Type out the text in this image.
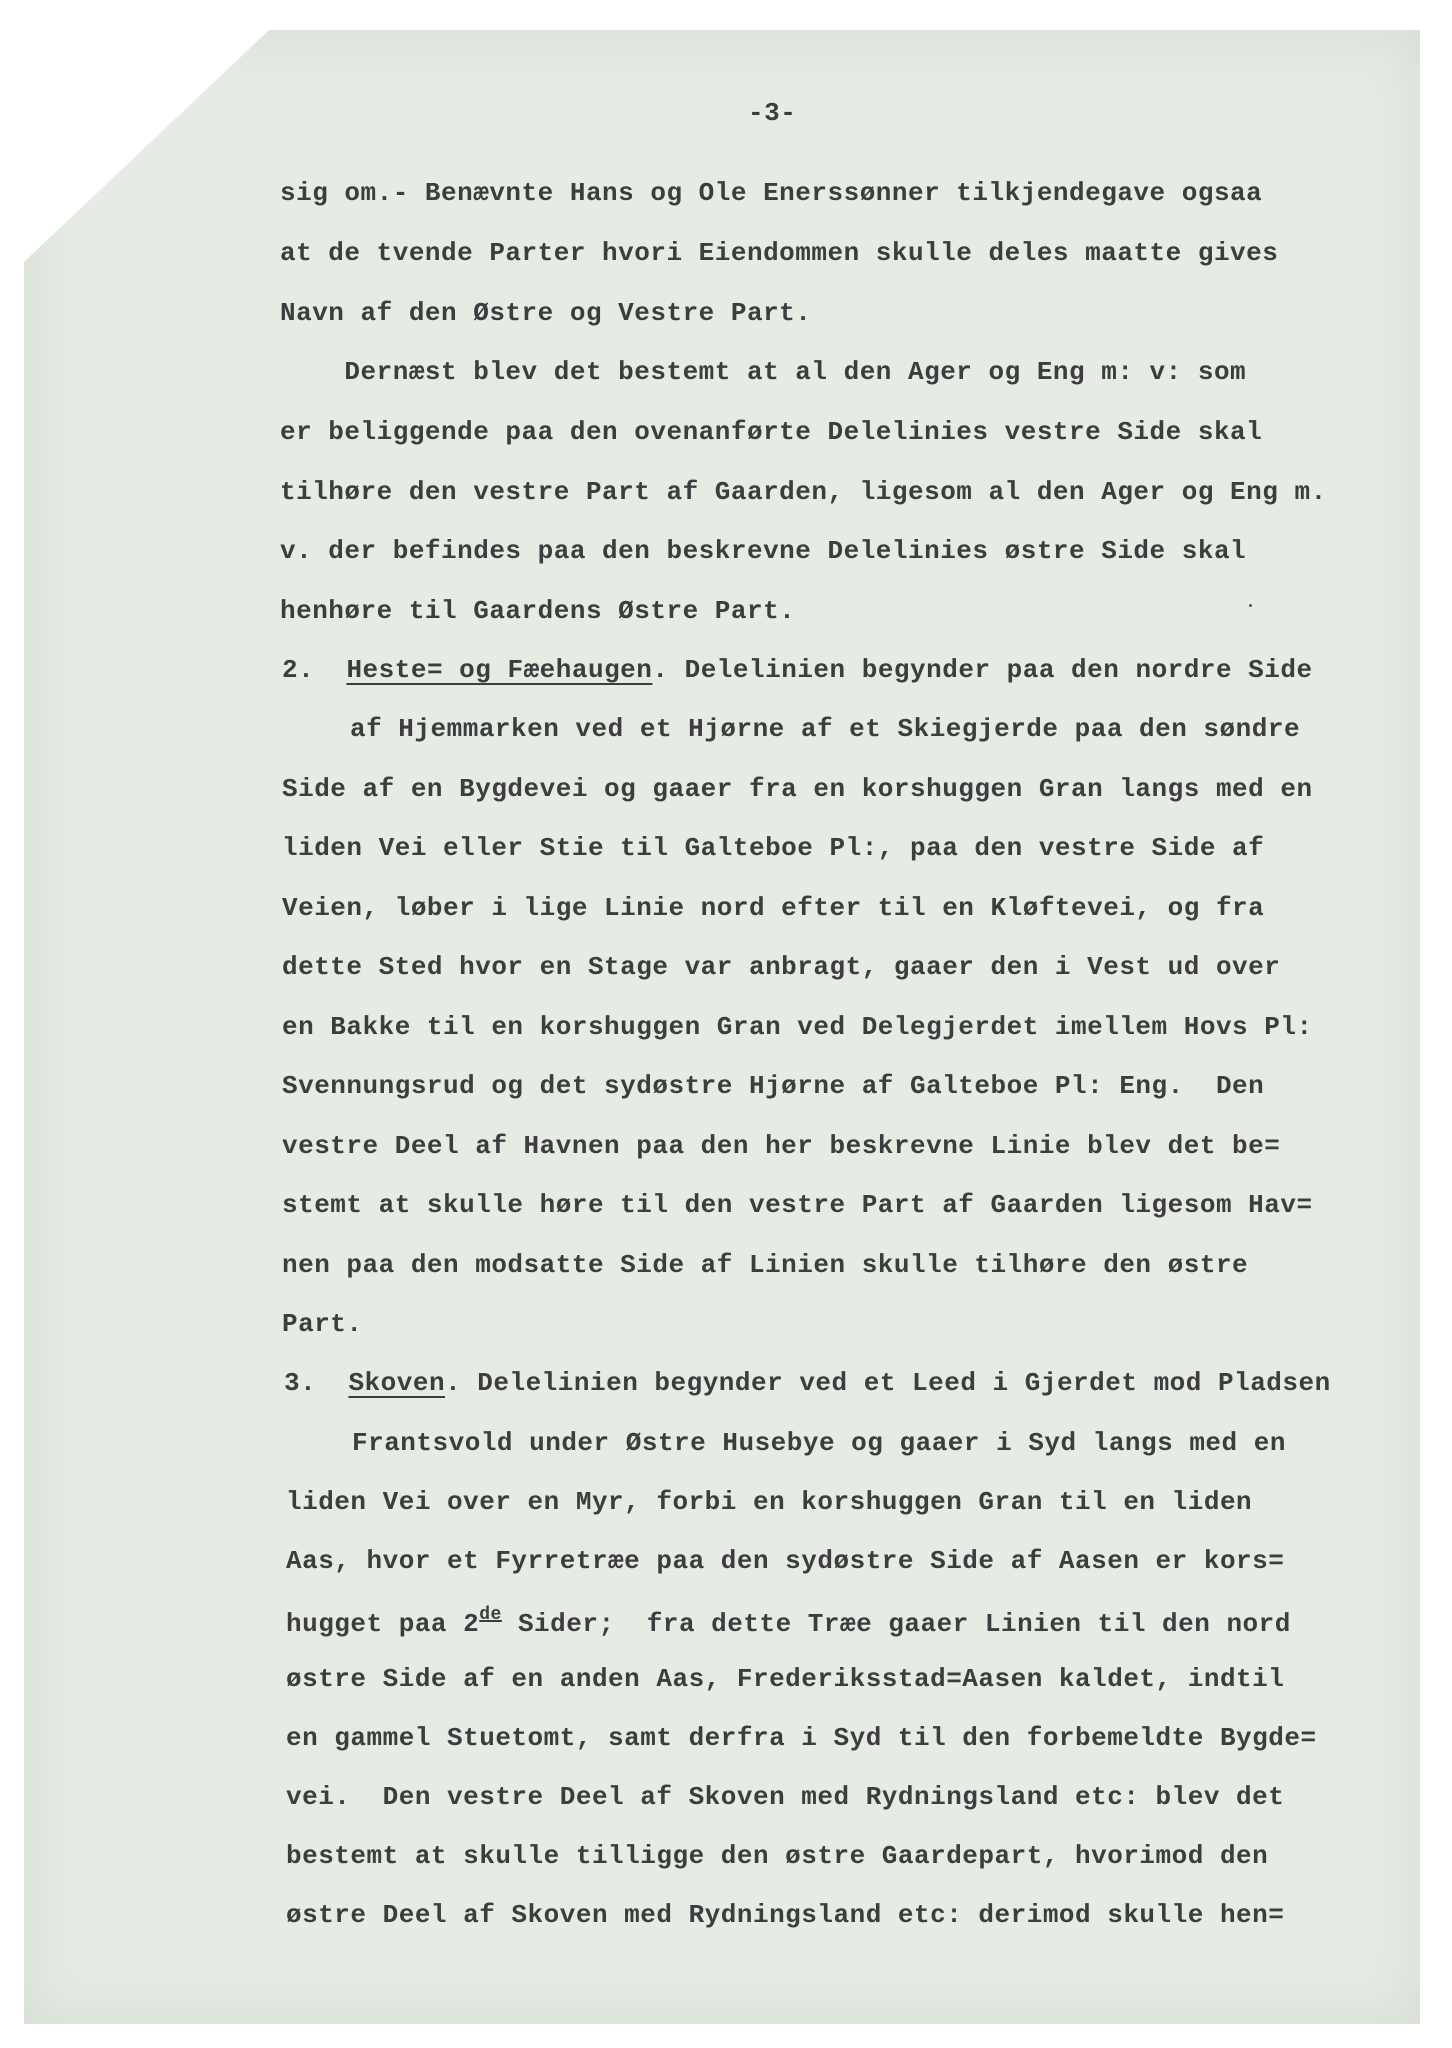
-3-

sig om.- Benævnte Hans og Ole Enerssønner tilkjendegave ogsaa

at de tvende Parter hvori Eiendommen skulle deles maatte gives

Navn af den Østre og Vestre Part.

Dernæst blev det bestemt at al den Ager og Eng m: v: som

er beliggende paa den ovenanførte Delelinies vestre Side skal

tilhøre den vestre Part af Gaarden, ligesom al den Ager og Eng m.

v. der befindes paa den beskrevne Delelinies østre Side skal

henhøre til Gaardens Østre Part.

2. Heste= og Fæehaugen. Delelinien begynder paa den nordre Side

af Hjemmarken ved et Hjørne af et Skiegjerde paa den søndre

Side af en Bygdevei og gaaer fra en korshuggen Gran langs med en

liden Vei eller Stie til Galteboe Pl:, paa den vestre Side af

Veien, løber i lige Linie nord efter til en Kløftevei, og fra

dette Sted hvor en Stage var anbragt, gaaer den i Vest ud over

en Bakke til en korshuggen Gran ved Delegjerdet imellem Hovs Pl:

Svennungsrud og det sydøstre Hjørne af Galteboe Pl: Eng.  Den

vestre Deel af Havnen paa den her beskrevne Linie blev det be=

stemt at skulle høre til den vestre Part af Gaarden ligesom Hav=

nen paa den modsatte Side af Linien skulle tilhøre den østre

Part.

3. Skoven. Delelinien begynder ved et Leed i Gjerdet mod Pladsen

Frantsvold under Østre Husebye og gaaer i Syd langs med en

liden Vei over en Myr, forbi en korshuggen Gran til en liden

Aas, hvor et Fyrretræe paa den sydøstre Side af Aasen er kors=

hugget paa 2de Sider;  fra dette Træe gaaer Linien til den nord

østre Side af en anden Aas, Frederiksstad=Aasen kaldet, indtil

en gammel Stuetomt, samt derfra i Syd til den forbemeldte Bygde=

vei.  Den vestre Deel af Skoven med Rydningsland etc: blev det

bestemt at skulle tilligge den østre Gaardepart, hvorimod den

østre Deel af Skoven med Rydningsland etc: derimod skulle hen=
